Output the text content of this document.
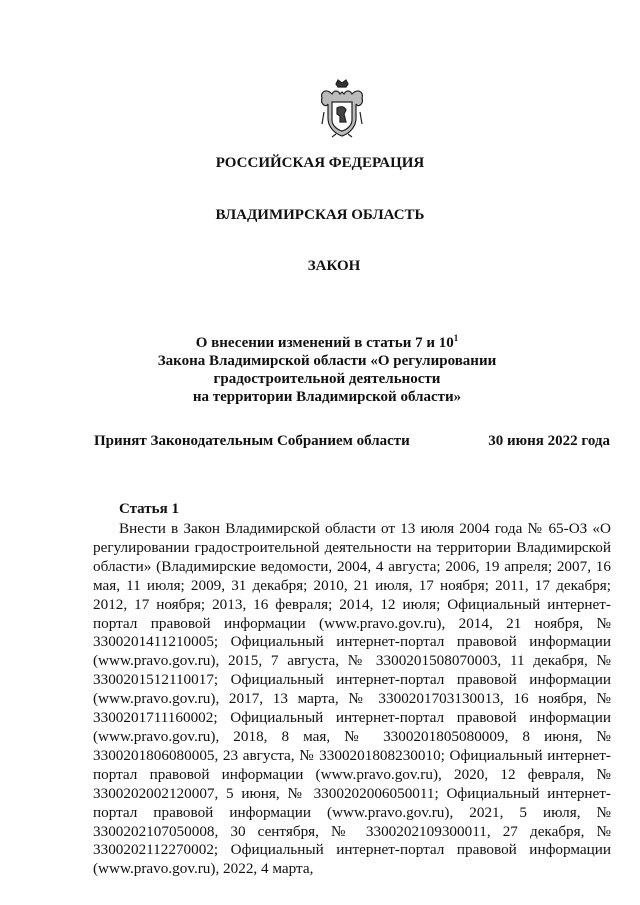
РОССИЙСКАЯ ФЕДЕРАЦИЯ
ВЛАДИМИРСКАЯ ОБЛАСТЬ
ЗАКОН
О внесении изменений в статьи 7 и $10^1$
Закона Владимирской области «О регулировании
градостроительной деятельности
на территории Владимирской области»
Принят Законодательным Собранием области	30 июня 2022 года
Статья 1
Внести в Закон Владимирской области от 13 июля 2004 года № 65-ОЗ «О регулировании градостроительной деятельности на территории Владимирской области» (Владимирские ведомости, 2004, 4 августа; 2006, 19 апреля; 2007, 16 мая, 11 июля; 2009, 31 декабря; 2010, 21 июля, 17 ноября; 2011, 17 декабря; 2012, 17 ноября; 2013, 16 февраля; 2014, 12 июля; Официальный интернет-портал правовой информации (www.pravo.gov.ru), 2014, 21 ноября, № 3300201411210005; Официальный интернет-портал правовой информации (www.pravo.gov.ru), 2015, 7 августа, № 3300201508070003, 11 декабря, № 3300201512110017; Официальный интернет-портал правовой информации (www.pravo.gov.ru), 2017, 13 марта, № 3300201703130013, 16 ноября, № 3300201711160002; Официальный интернет-портал правовой информации (www.pravo.gov.ru), 2018, 8 мая, № 3300201805080009, 8 июня, № 3300201806080005, 23 августа, № 3300201808230010; Официальный интернет-портал правовой информации (www.pravo.gov.ru), 2020, 12 февраля, № 3300202002120007, 5 июня, № 3300202006050011; Официальный интернет-портал правовой информации (www.pravo.gov.ru), 2021, 5 июля, № 3300202107050008, 30 сентября, № 3300202109300011, 27 декабря, № 3300202112270002; Официальный интернет-портал правовой информации (www.pravo.gov.ru), 2022, 4 марта,
